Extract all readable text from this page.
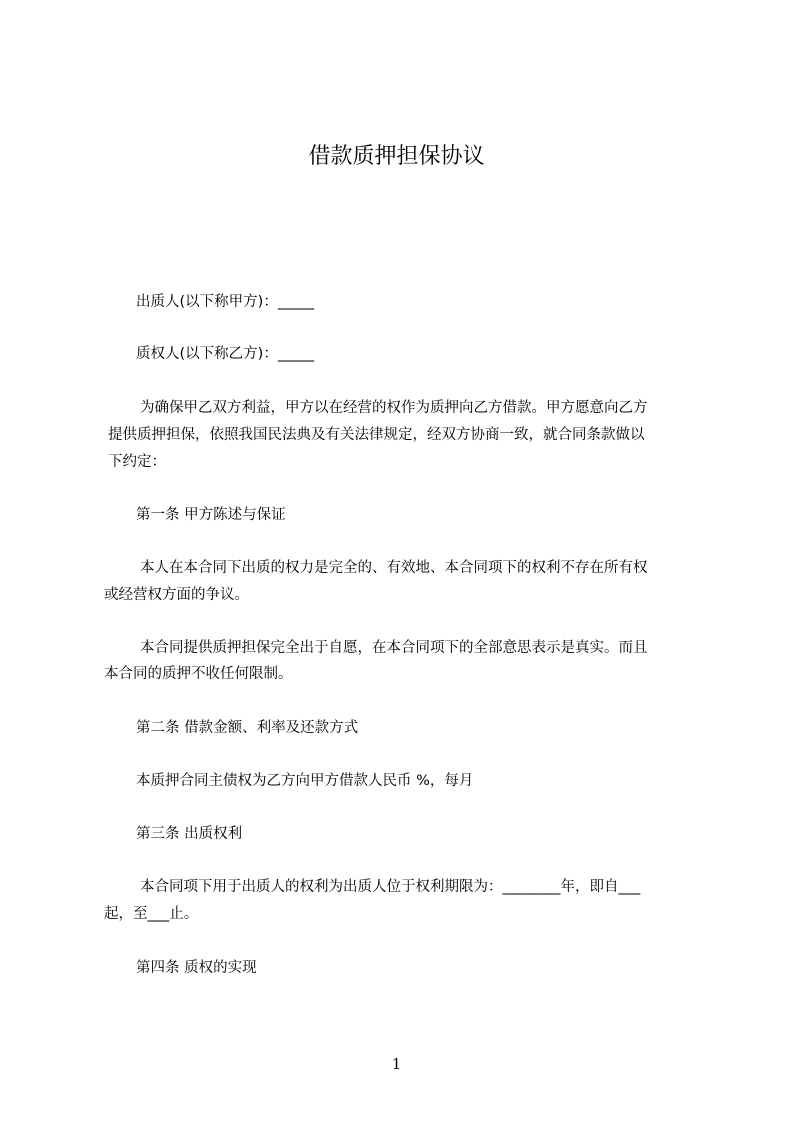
借款质押担保协议

出质人(以下称甲方)：_____

质权人(以下称乙方)：_____

为确保甲乙双方利益，甲方以在经营的权作为质押向乙方借款。甲方愿意向乙方

提供质押担保，依照我国民法典及有关法律规定，经双方协商一致，就合同条款做以

下约定：

第一条 甲方陈述与保证

本人在本合同下出质的权力是完全的、有效地、本合同项下的权利不存在所有权

或经营权方面的争议。

本合同提供质押担保完全出于自愿，在本合同项下的全部意思表示是真实。而且

本合同的质押不收任何限制。

第二条 借款金额、利率及还款方式

本质押合同主债权为乙方向甲方借款人民币 %，每月

第三条 出质权利

本合同项下用于出质人的权利为出质人位于权利期限为：________年，即自___

起，至___止。

第四条 质权的实现

1
